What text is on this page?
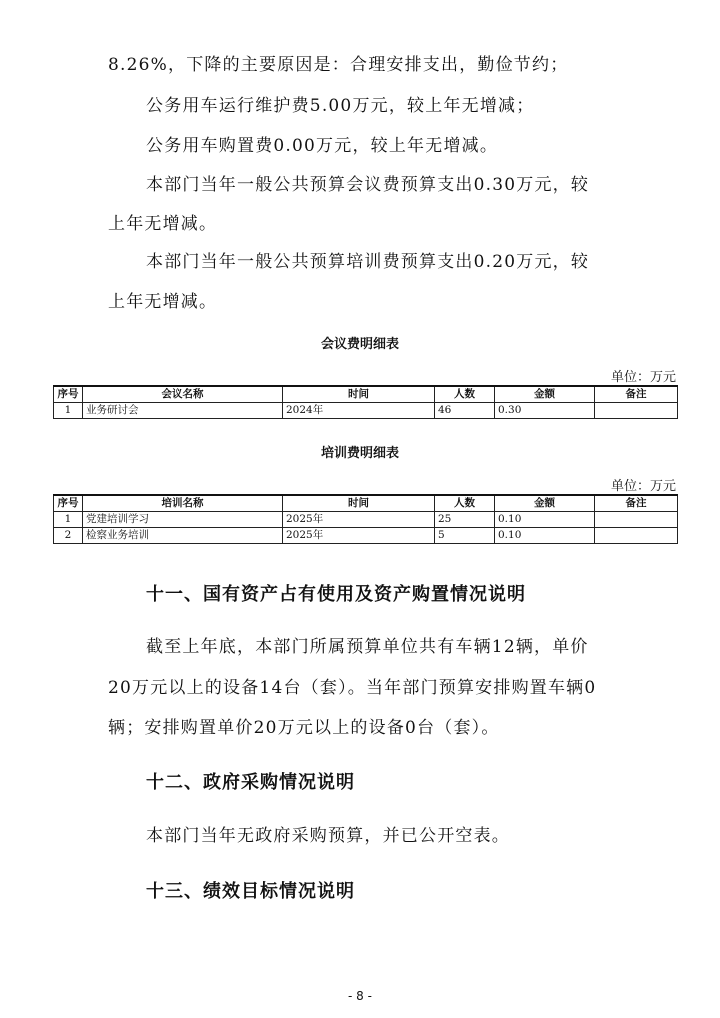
8.26%，下降的主要原因是：合理安排支出，勤俭节约；
公务用车运行维护费5.00万元，较上年无增减；
公务用车购置费0.00万元，较上年无增减。
本部门当年一般公共预算会议费预算支出0.30万元，较
上年无增减。
本部门当年一般公共预算培训费预算支出0.20万元，较
上年无增减。
会议费明细表
单位：万元
序号	会议名称	时间	人数	金额	备注
1	业务研讨会	2024年	46	0.30	
培训费明细表
单位：万元
序号	培训名称	时间	人数	金额	备注
1	党建培训学习	2025年	25	0.10	
2	检察业务培训	2025年	5	0.10	
十一、国有资产占有使用及资产购置情况说明
截至上年底，本部门所属预算单位共有车辆12辆，单价
20万元以上的设备14台（套）。当年部门预算安排购置车辆0
辆；安排购置单价20万元以上的设备0台（套）。
十二、政府采购情况说明
本部门当年无政府采购预算，并已公开空表。
十三、绩效目标情况说明
- 8 -
